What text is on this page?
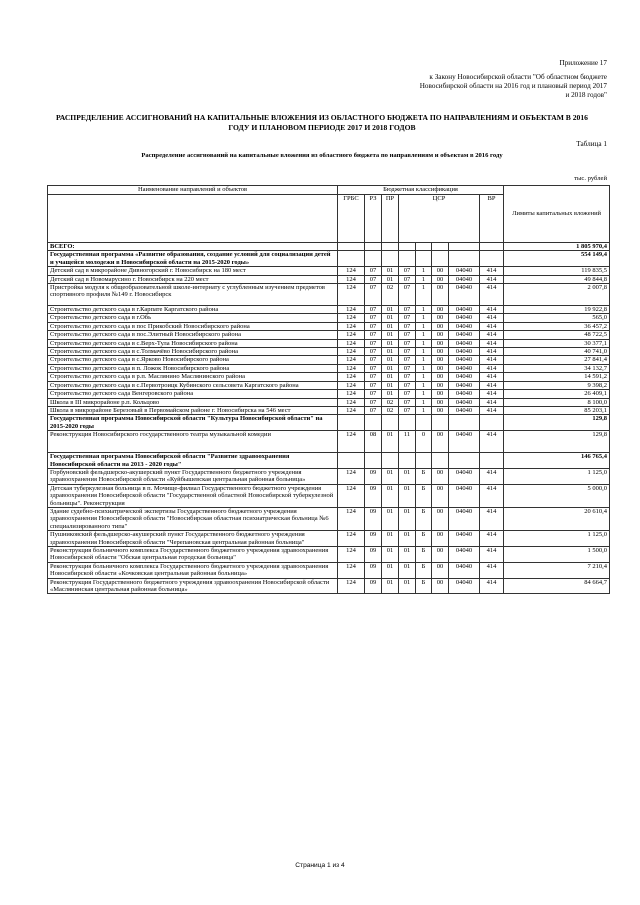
Приложение 17
к Закону Новосибирской области "Об областном бюджете Новосибирской области на 2016 год и плановый период 2017 и 2018 годов"
РАСПРЕДЕЛЕНИЕ АССИГНОВАНИЙ НА КАПИТАЛЬНЫЕ ВЛОЖЕНИЯ ИЗ ОБЛАСТНОГО БЮДЖЕТА ПО НАПРАВЛЕНИЯМ И ОБЪЕКТАМ В 2016 ГОДУ И ПЛАНОВОМ ПЕРИОДЕ 2017 И 2018 ГОДОВ
Таблица 1
Распределение ассигнований на капитальные вложения из областного бюджета по направлениям и объектам в 2016 году
тыс. рублей
Наименование направлений и объектов	Бюджетная классификация								Лимиты капитальных вложений
	ГРБС	РЗ	ПР	ЦСР				ВР	
ВСЕГО:									1 805 970,4
Государственная программа «Развитие образования, создание условий для социализации детей и учащейся молодежи в Новосибирской области на 2015-2020 годы»									554 149,4
Детский сад в микрорайоне Дивногорский г. Новосибирск на 180 мест	124	07	01	07	1	00	04040	414	119 835,5
Детский сад в Новомарусино г. Новосибирск на 220 мест	124	07	01	07	1	00	04040	414	49 844,8
Пристройка модуля к общеобразовательной школе-интернату с углубленным изучением предметов спортивного профиля №149 г. Новосибирск	124	07	02	07	1	00	04040	414	2 007,8
Строительство детского сада в г.Карпате Каргатского района	124	07	01	07	1	00	04040	414	19 922,8
Строительство детского сада в г.Обь	124	07	01	07	1	00	04040	414	565,0
Строительство детского сада в пос Прикобский Новосибирского района	124	07	01	07	1	00	04040	414	36 457,2
Строительство детского сада в пос.Элитный Новосибирского района	124	07	01	07	1	00	04040	414	48 722,5
Строительство детского сада в с.Верх-Тула Новосибирского района	124	07	01	07	1	00	04040	414	30 377,1
Строительство детского сада в с.Толмачёво Новосибирского района	124	07	01	07	1	00	04040	414	40 741,0
Строительство детского сада в с.Ярково Новосибирского района	124	07	01	07	1	00	04040	414	27 841,4
Строительство детского сада в п. Ложок Новосибирского района	124	07	01	07	1	00	04040	414	34 132,7
Строительство детского сада в р.п. Маслянино Маслянинского района	124	07	01	07	1	00	04040	414	14 591,2
Строительство детского сада в с.Первотроицк Кубинского сельсовета Каргатского района	124	07	01	07	1	00	04040	414	9 398,2
Строительство детского сада Венгеровского района	124	07	01	07	1	00	04040	414	26 409,1
Школа в III микрорайоне р.п. Кольцово	124	07	02	07	1	00	04040	414	8 100,0
Школа в микрорайоне Березовый в Первомайском районе г. Новосибирска на 546 мест	124	07	02	07	1	00	04040	414	85 203,1
Государственная программа Новосибирской области "Культура Новосибирской области" на 2015-2020 годы									129,8
Реконструкция Новосибирского государственного театра музыкальной комедии	124	08	01	11	0	00	04040	414	129,8
Государственная программа Новосибирской области "Развитие здравоохранения Новосибирской области на 2013 - 2020 годы"									146 765,4
Горбуновский фельдшерско-акушерский пункт Государственного бюджетного учреждения здравоохранения Новосибирской области «Куйбышевская центральная районная больница»	124	09	01	01	Б	00	04040	414	1 125,0
Детская туберкулезная больница в п. Мочище-филиал Государственного бюджетного учреждения здравоохранения Новосибирской области "Государственной областной Новосибирской туберкулезной больницы". Реконструкция	124	09	01	01	Б	00	04040	414	5 000,0
Здание судебно-психиатрической экспертизы Государственного бюджетного учреждения здравоохранения Новосибирской области "Новосибирская областная психиатрическая больница №6 специализированного типа"	124	09	01	01	Б	00	04040	414	20 610,4
Пушниковский фельдшерско-акушерский пункт Государственного бюджетного учреждения здравоохранения Новосибирской области "Черепановская центральная районная больница"	124	09	01	01	Б	00	04040	414	1 125,0
Реконструкция больничного комплекса Государственного бюджетного учреждения здравоохранения Новосибирской области "Обская центральная городская больница"	124	09	01	01	Б	00	04040	414	1 500,0
Реконструкция больничного комплекса Государственного бюджетного учреждения здравоохранения Новосибирской области «Кочковская центральная районная больница»	124	09	01	01	Б	00	04040	414	7 210,4
Реконструкция Государственного бюджетного учреждения здравоохранения Новосибирской области «Маслянинская центральная районная больница»	124	09	01	01	Б	00	04040	414	84 664,7
Страница 1 из 4
